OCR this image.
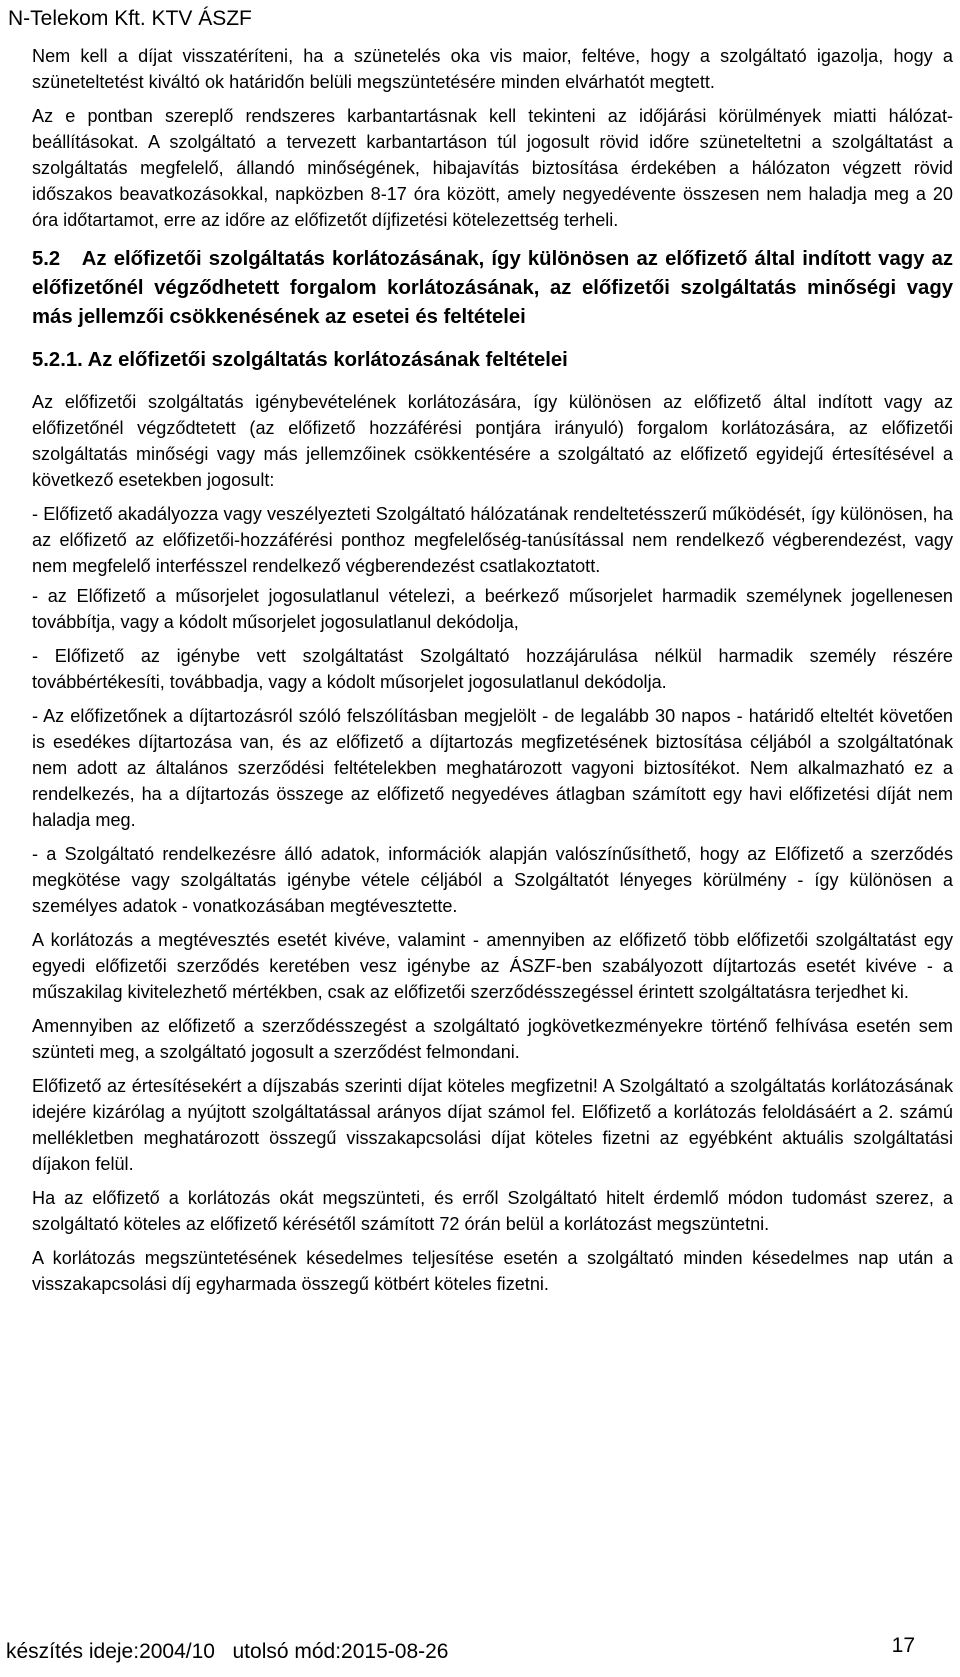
N-Telekom Kft. KTV ÁSZF

Nem kell a díjat visszatéríteni, ha a szünetelés oka vis maior, feltéve, hogy a szolgáltató igazolja, hogy a szüneteltetést kiváltó ok határidőn belüli megszüntetésére minden elvárhatót megtett.

Az e pontban szereplő rendszeres karbantartásnak kell tekinteni az időjárási körülmények miatti hálózat-beállításokat. A szolgáltató a tervezett karbantartáson túl jogosult rövid időre szüneteltetni a szolgáltatást a szolgáltatás megfelelő, állandó minőségének, hibajavítás biztosítása érdekében a hálózaton végzett rövid időszakos beavatkozásokkal, napközben 8-17 óra között, amely negyedévente összesen nem haladja meg a 20 óra időtartamot, erre az időre az előfizetőt díjfizetési kötelezettség terheli.

5.2 Az előfizetői szolgáltatás korlátozásának, így különösen az előfizető által indított vagy az előfizetőnél végződhetett forgalom korlátozásának, az előfizetői szolgáltatás minőségi vagy más jellemzői csökkenésének az esetei és feltételei
5.2.1. Az előfizetői szolgáltatás korlátozásának feltételei

Az előfizetői szolgáltatás igénybevételének korlátozására, így különösen az előfizető által indított vagy az előfizetőnél végződtetett (az előfizető hozzáférési pontjára irányuló) forgalom korlátozására, az előfizetői szolgáltatás minőségi vagy más jellemzőinek csökkentésére a szolgáltató az előfizető egyidejű értesítésével a következő esetekben jogosult:

- Előfizető akadályozza vagy veszélyezteti Szolgáltató hálózatának rendeltetésszerű működését, így különösen, ha az előfizető az előfizetői-hozzáférési ponthoz megfelelőség-tanúsítással nem rendelkező végberendezést, vagy nem megfelelő interfésszel rendelkező végberendezést csatlakoztatott.

- az Előfizető a műsorjelet jogosulatlanul vételezi, a beérkező műsorjelet harmadik személynek jogellenesen továbbítja, vagy a kódolt műsorjelet jogosulatlanul dekódolja,

- Előfizető az igénybe vett szolgáltatást Szolgáltató hozzájárulása nélkül harmadik személy részére továbbértékesíti, továbbadja, vagy a kódolt műsorjelet jogosulatlanul dekódolja.

- Az előfizetőnek a díjtartozásról szóló felszólításban megjelölt - de legalább 30 napos - határidő elteltét követően is esedékes díjtartozása van, és az előfizető a díjtartozás megfizetésének biztosítása céljából a szolgáltatónak nem adott az általános szerződési feltételekben meghatározott vagyoni biztosítékot. Nem alkalmazható ez a rendelkezés, ha a díjtartozás összege az előfizető negyedéves átlagban számított egy havi előfizetési díját nem haladja meg.

- a Szolgáltató rendelkezésre álló adatok, információk alapján valószínűsíthető, hogy az Előfizető a szerződés megkötése vagy szolgáltatás igénybe vétele céljából a Szolgáltatót lényeges körülmény - így különösen a személyes adatok - vonatkozásában megtévesztette.

A korlátozás a megtévesztés esetét kivéve, valamint - amennyiben az előfizető több előfizetői szolgáltatást egy egyedi előfizetői szerződés keretében vesz igénybe az ÁSZF-ben szabályozott díjtartozás esetét kivéve - a műszakilag kivitelezhető mértékben, csak az előfizetői szerződésszegéssel érintett szolgáltatásra terjedhet ki.

Amennyiben az előfizető a szerződésszegést a szolgáltató jogkövetkezményekre történő felhívása esetén sem szünteti meg, a szolgáltató jogosult a szerződést felmondani.

Előfizető az értesítésekért a díjszabás szerinti díjat köteles megfizetni! A Szolgáltató a szolgáltatás korlátozásának idejére kizárólag a nyújtott szolgáltatással arányos díjat számol fel. Előfizető a korlátozás feloldásáért a 2. számú mellékletben meghatározott összegű visszakapcsolási díjat köteles fizetni az egyébként aktuális szolgáltatási díjakon felül.

Ha az előfizető a korlátozás okát megszünteti, és erről Szolgáltató hitelt érdemlő módon tudomást szerez, a szolgáltató köteles az előfizető kérésétől számított 72 órán belül a korlátozást megszüntetni.

A korlátozás megszüntetésének késedelmes teljesítése esetén a szolgáltató minden késedelmes nap után a visszakapcsolási díj egyharmada összegű kötbért köteles fizetni.

készítés ideje:2004/10 utolsó mód:2015-08-26	17
